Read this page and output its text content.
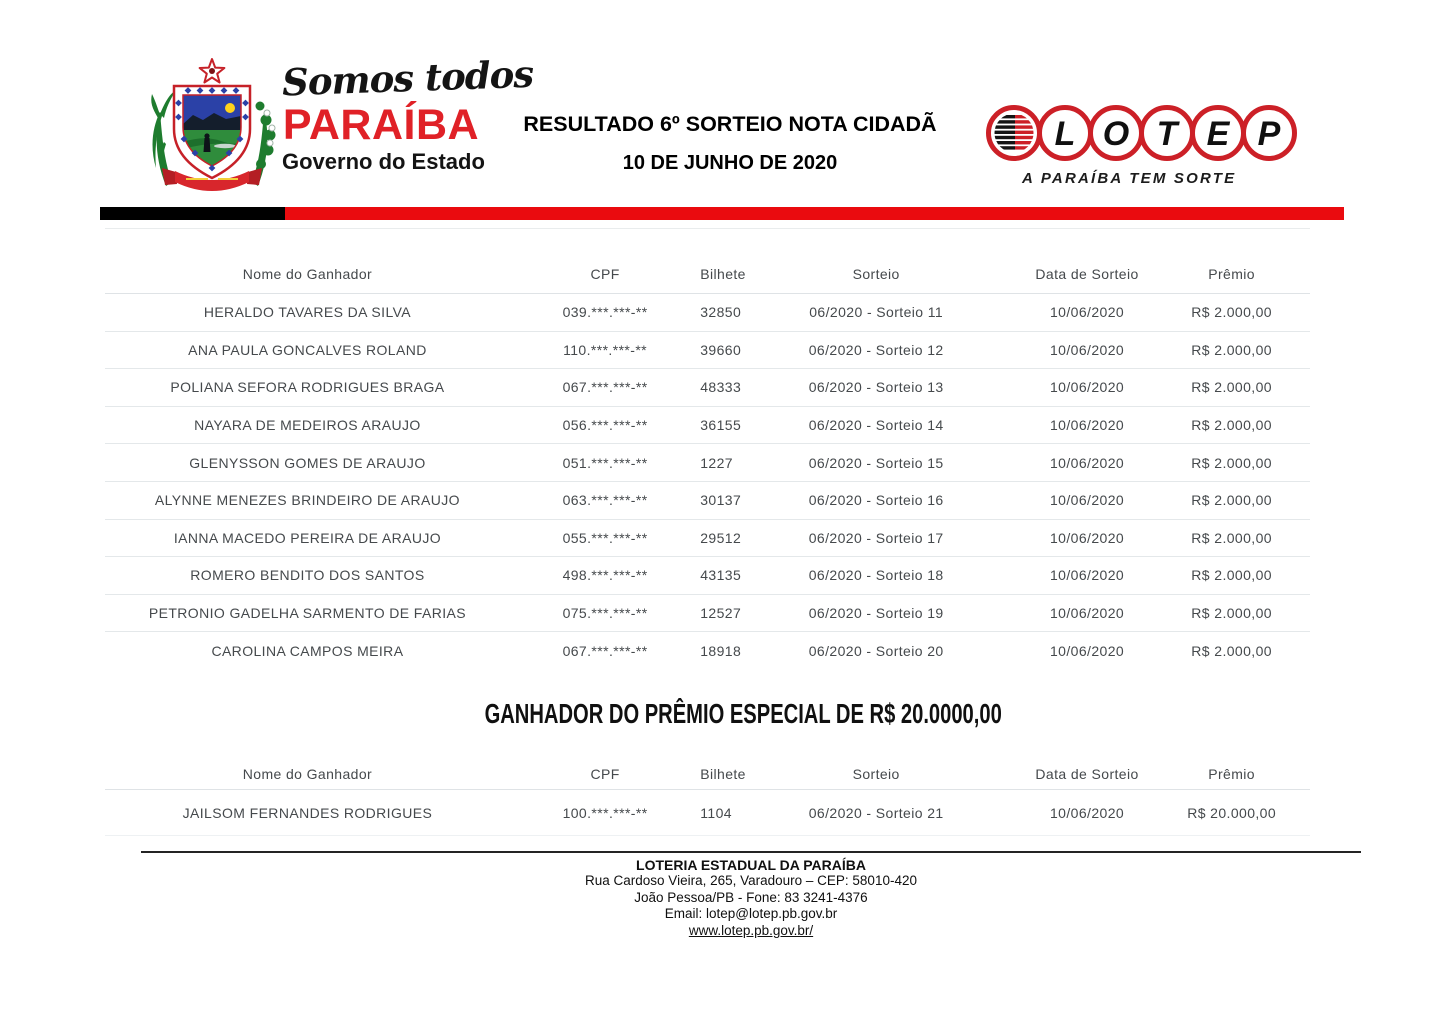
Somos todos
PARAÍBA
Governo do Estado
RESULTADO 6º SORTEIO NOTA CIDADÃ
10 DE JUNHO DE 2020
L O T E P
A PARAÍBA TEM SORTE
Nome do Ganhador	CPF	Bilhete	Sorteio	Data de Sorteio	Prêmio
HERALDO TAVARES DA SILVA	039.***.***-**	32850	06/2020 - Sorteio 11	10/06/2020	R$ 2.000,00
ANA PAULA GONCALVES ROLAND	110.***.***-**	39660	06/2020 - Sorteio 12	10/06/2020	R$ 2.000,00
POLIANA SEFORA RODRIGUES BRAGA	067.***.***-**	48333	06/2020 - Sorteio 13	10/06/2020	R$ 2.000,00
NAYARA DE MEDEIROS ARAUJO	056.***.***-**	36155	06/2020 - Sorteio 14	10/06/2020	R$ 2.000,00
GLENYSSON GOMES DE ARAUJO	051.***.***-**	1227	06/2020 - Sorteio 15	10/06/2020	R$ 2.000,00
ALYNNE MENEZES BRINDEIRO DE ARAUJO	063.***.***-**	30137	06/2020 - Sorteio 16	10/06/2020	R$ 2.000,00
IANNA MACEDO PEREIRA DE ARAUJO	055.***.***-**	29512	06/2020 - Sorteio 17	10/06/2020	R$ 2.000,00
ROMERO BENDITO DOS SANTOS	498.***.***-**	43135	06/2020 - Sorteio 18	10/06/2020	R$ 2.000,00
PETRONIO GADELHA SARMENTO DE FARIAS	075.***.***-**	12527	06/2020 - Sorteio 19	10/06/2020	R$ 2.000,00
CAROLINA CAMPOS MEIRA	067.***.***-**	18918	06/2020 - Sorteio 20	10/06/2020	R$ 2.000,00
GANHADOR DO PRÊMIO ESPECIAL DE R$ 20.0000,00
Nome do Ganhador	CPF	Bilhete	Sorteio	Data de Sorteio	Prêmio
JAILSOM FERNANDES RODRIGUES	100.***.***-**	1104	06/2020 - Sorteio 21	10/06/2020	R$ 20.000,00
LOTERIA ESTADUAL DA PARAÍBA
Rua Cardoso Vieira, 265, Varadouro – CEP: 58010-420
João Pessoa/PB - Fone: 83 3241-4376
Email: lotep@lotep.pb.gov.br
www.lotep.pb.gov.br/
